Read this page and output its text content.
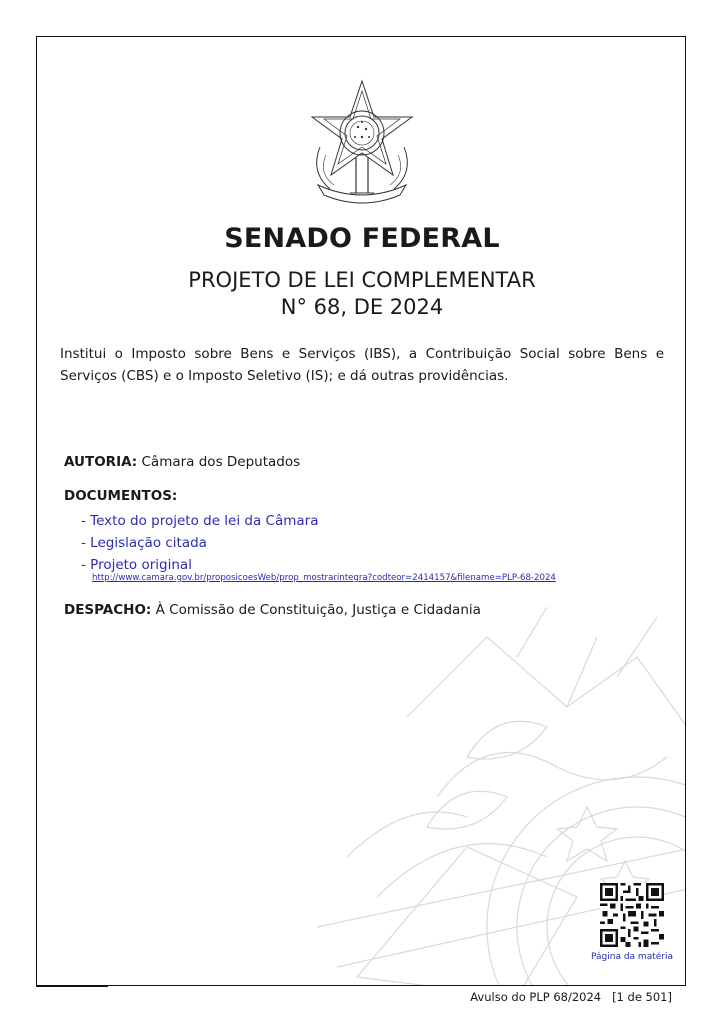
SENADO FEDERAL
PROJETO DE LEI COMPLEMENTAR
N° 68, DE 2024
Institui o Imposto sobre Bens e Serviços (IBS), a Contribuição Social sobre Bens e Serviços (CBS) e o Imposto Seletivo (IS); e dá outras providências.
AUTORIA: Câmara dos Deputados
DOCUMENTOS:
- Texto do projeto de lei da Câmara
- Legislação citada
- Projeto original
http://www.camara.gov.br/proposicoesWeb/prop_mostrarintegra?codteor=2414157&filename=PLP-68-2024
DESPACHO: À Comissão de Constituição, Justiça e Cidadania
Página da matéria
Avulso do PLP 68/2024   [1 de 501]
